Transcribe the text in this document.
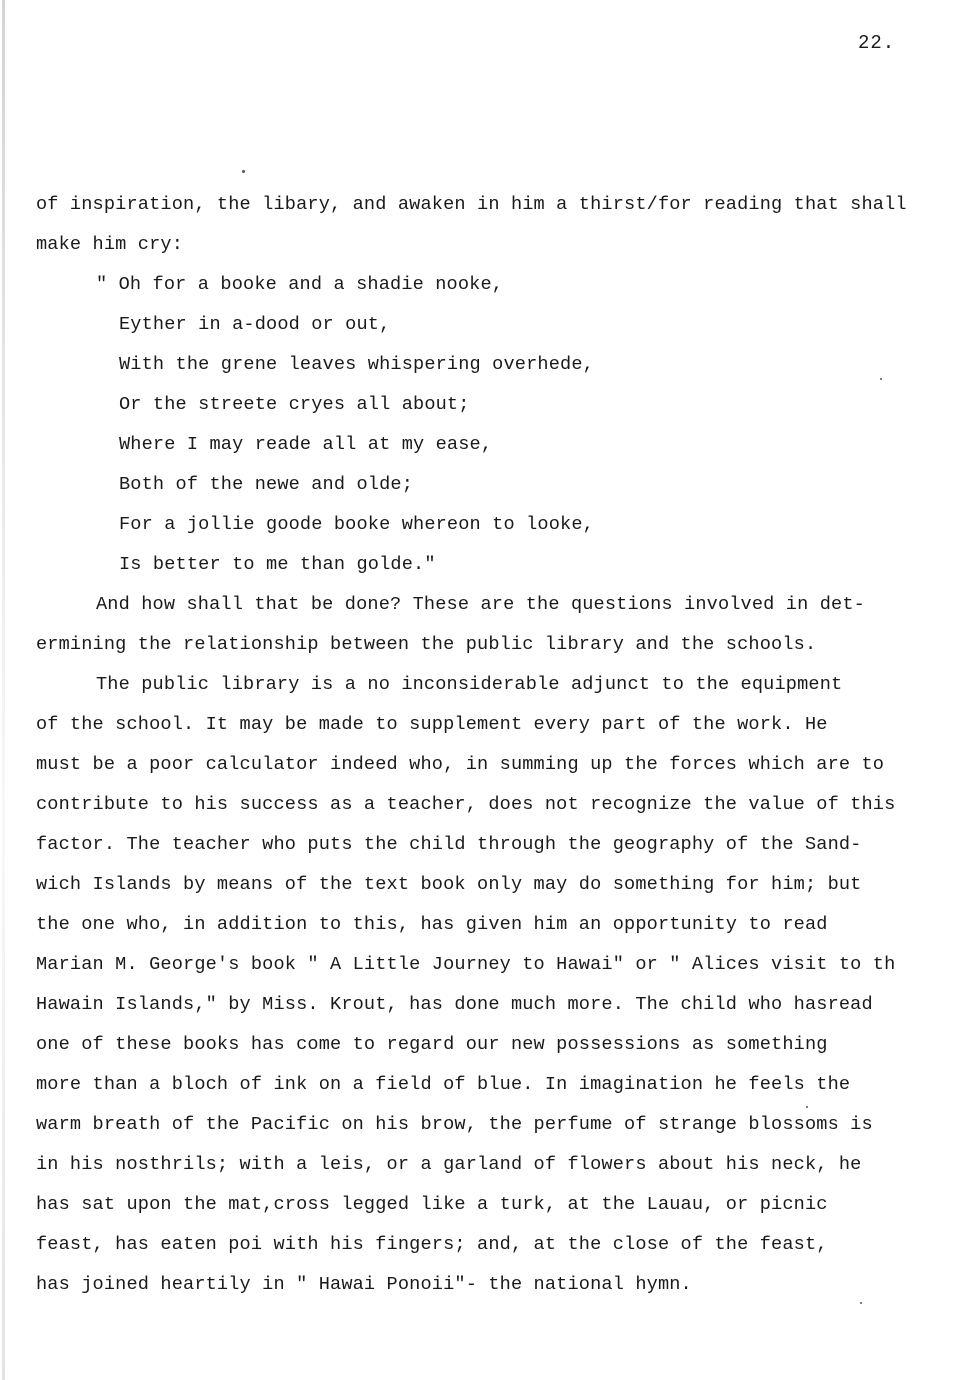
22.
of inspiration, the libary, and awaken in him a thirst/for reading that shall
make him cry:
" Oh for a booke and a shadie nooke,
Eyther in a-dood or out,
With the grene leaves whispering overhede,
Or the streete cryes all about;
Where I may reade all at my ease,
Both of the newe and olde;
For a jollie goode booke whereon to looke,
Is better to me than golde."
And how shall that be done? These are the questions involved in det-
ermining the relationship between the public library and the schools.
The public library is a no inconsiderable adjunct to the equipment
of the school. It may be made to supplement every part of the work. He
must be a poor calculator indeed who, in summing up the forces which are to
contribute to his success as a teacher, does not recognize the value of this
factor. The teacher who puts the child through the geography of the Sand-
wich Islands by means of the text book only may do something for him; but
the one who, in addition to this, has given him an opportunity to read
Marian M. George's book " A Little Journey to Hawai" or " Alices visit to th
Hawain Islands," by Miss. Krout, has done much more. The child who hasread
one of these books has come to regard our new possessions as something
more than a bloch of ink on a field of blue. In imagination he feels the
warm breath of the Pacific on his brow, the perfume of strange blossoms is
in his nosthrils; with a leis, or a garland of flowers about his neck, he
has sat upon the mat,cross legged like a turk, at the Lauau, or picnic
feast, has eaten poi with his fingers; and, at the close of the feast,
has joined heartily in " Hawai Ponoii"- the national hymn.
